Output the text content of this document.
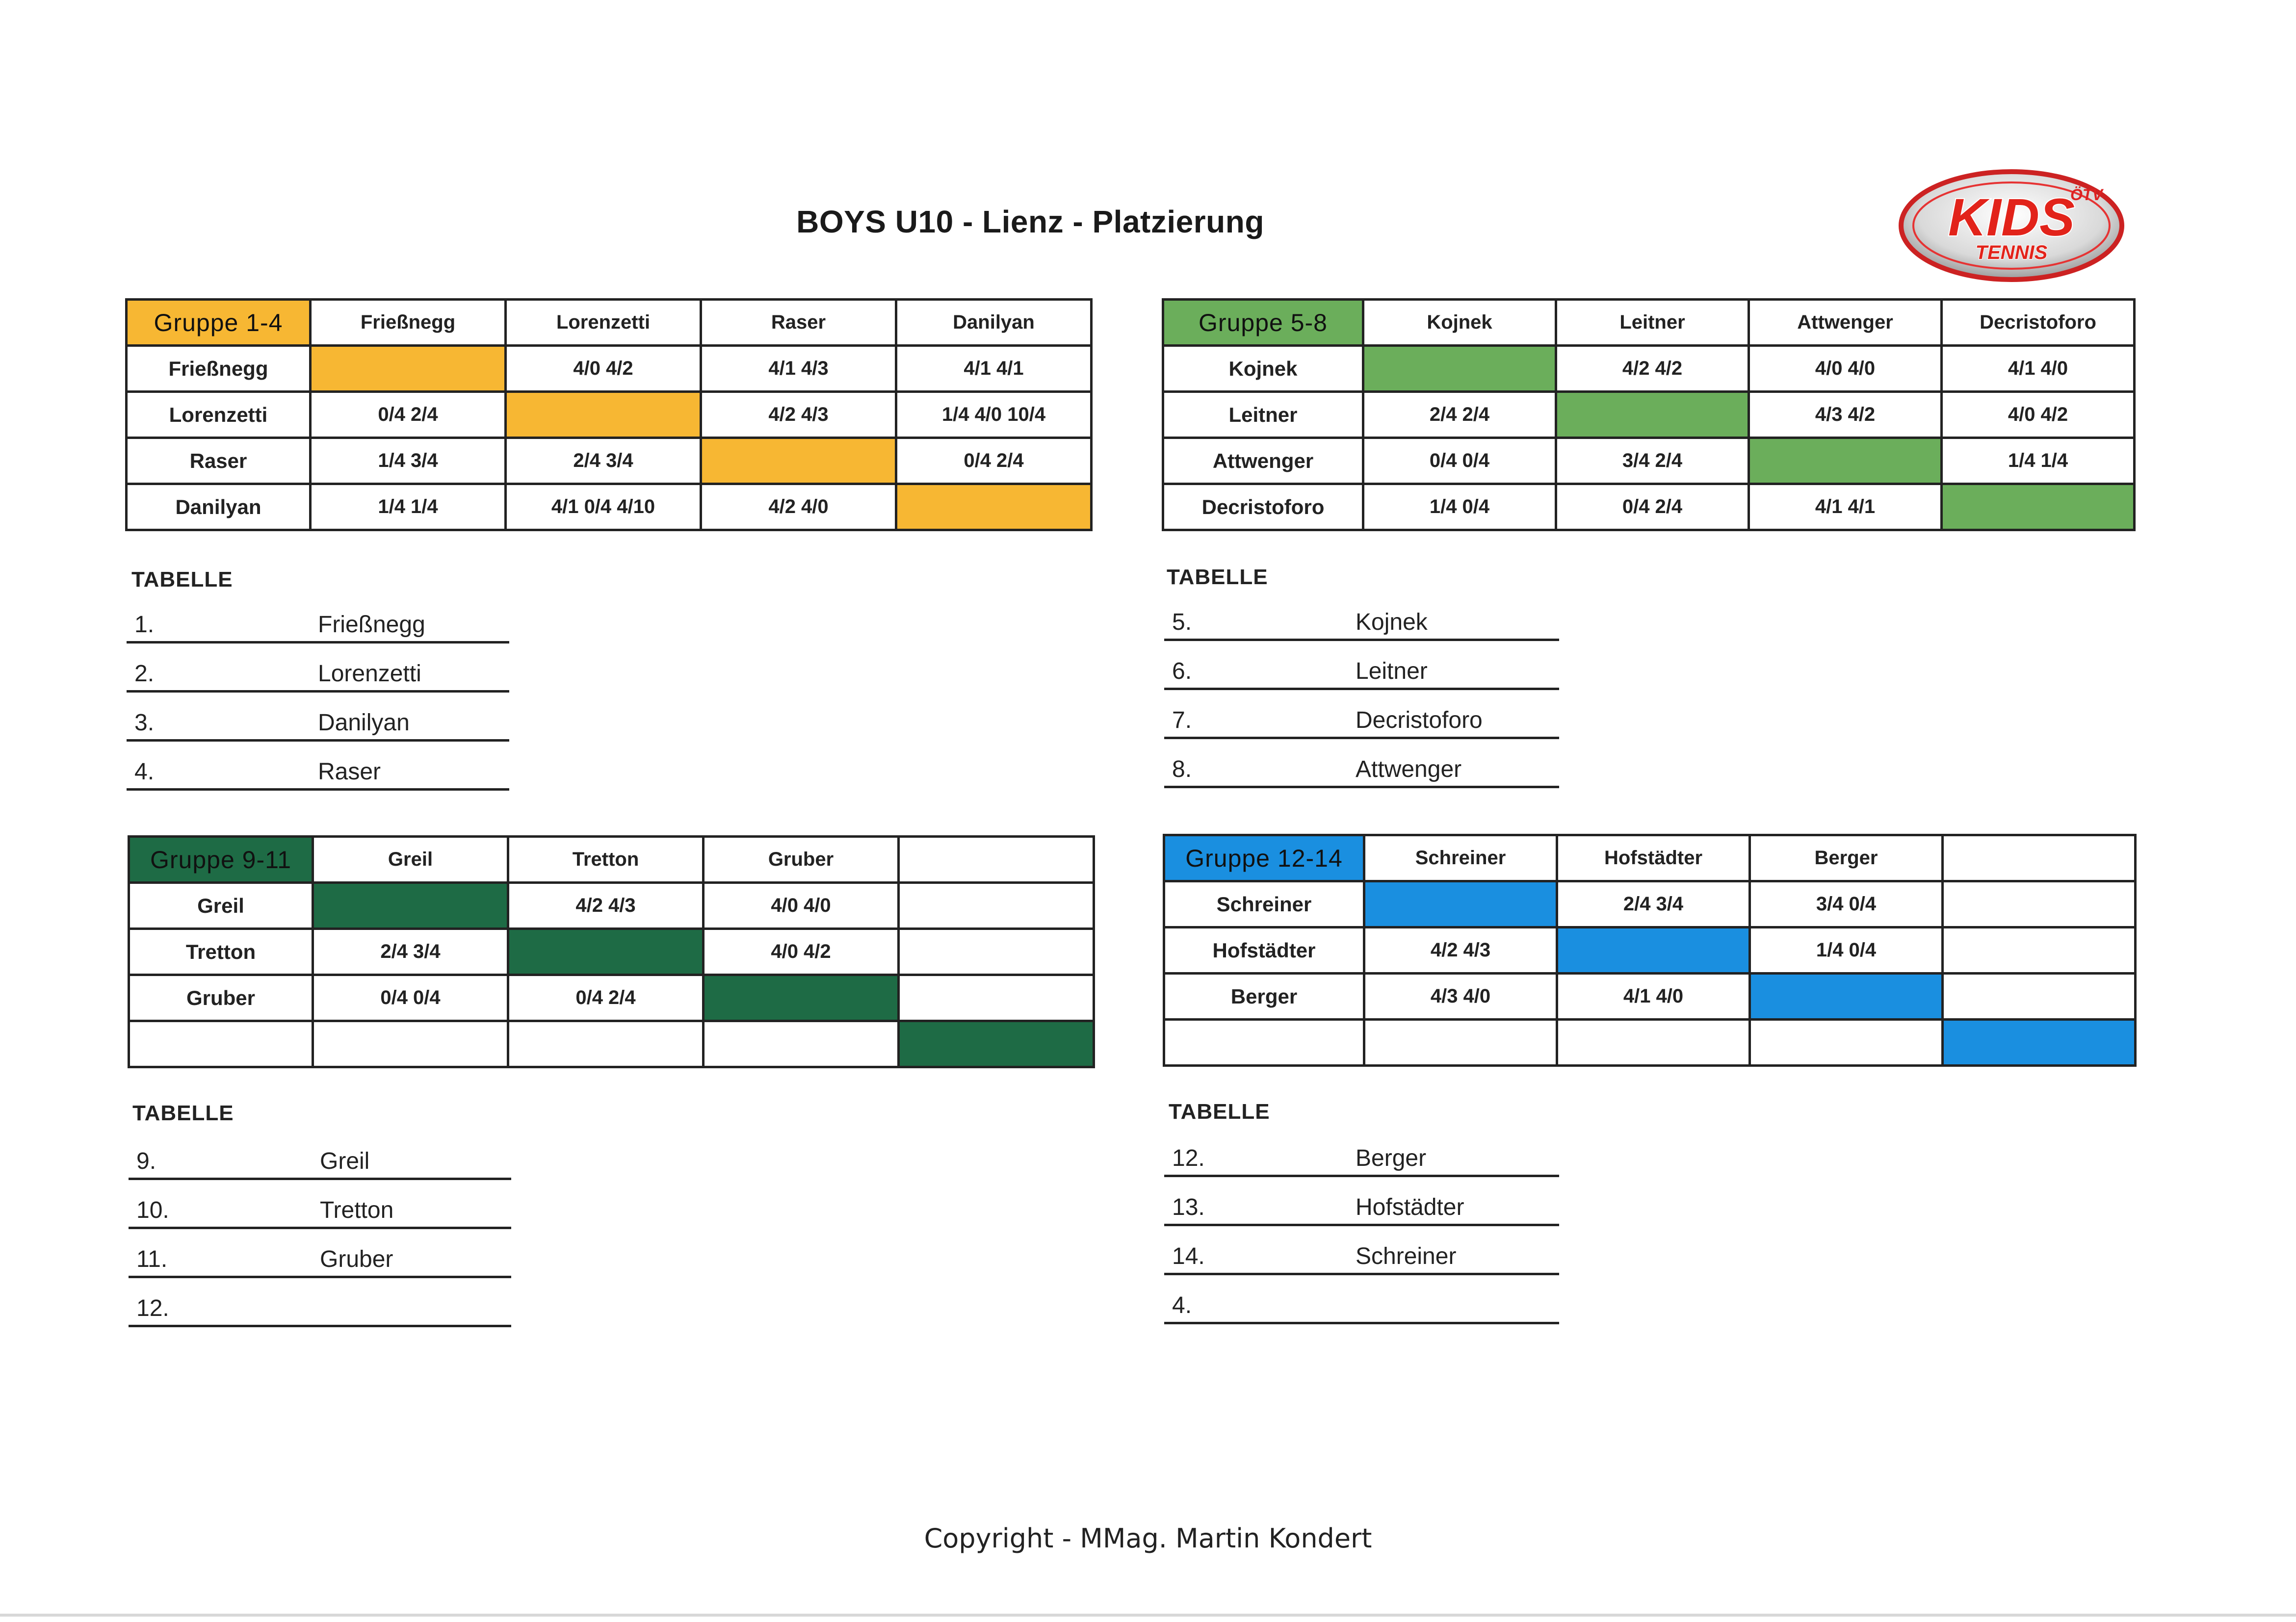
BOYS U10 - Lienz - Platzierung
ÖTV
KIDS
TENNIS
Gruppe 1-4	Frießnegg	Lorenzetti	Raser	Danilyan
Frießnegg		4/0 4/2	4/1 4/3	4/1 4/1
Lorenzetti	0/4 2/4		4/2 4/3	1/4 4/0 10/4
Raser	1/4 3/4	2/4 3/4		0/4 2/4
Danilyan	1/4 1/4	4/1 0/4 4/10	4/2 4/0	
TABELLE
1.	Frießnegg
2.	Lorenzetti
3.	Danilyan
4.	Raser
Gruppe 5-8	Kojnek	Leitner	Attwenger	Decristoforo
Kojnek		4/2 4/2	4/0 4/0	4/1 4/0
Leitner	2/4 2/4		4/3 4/2	4/0 4/2
Attwenger	0/4 0/4	3/4 2/4		1/4 1/4
Decristoforo	1/4 0/4	0/4 2/4	4/1 4/1	
TABELLE
5.	Kojnek
6.	Leitner
7.	Decristoforo
8.	Attwenger
Gruppe 9-11	Greil	Tretton	Gruber	
Greil		4/2 4/3	4/0 4/0	
Tretton	2/4 3/4		4/0 4/2	
Gruber	0/4 0/4	0/4 2/4		

TABELLE
9.	Greil
10.	Tretton
11.	Gruber
12.
Gruppe 12-14	Schreiner	Hofstädter	Berger	
Schreiner		2/4 3/4	3/4 0/4	
Hofstädter	4/2 4/3		1/4 0/4	
Berger	4/3 4/0	4/1 4/0		

TABELLE
12.	Berger
13.	Hofstädter
14.	Schreiner
4.
Copyright - MMag. Martin Kondert
